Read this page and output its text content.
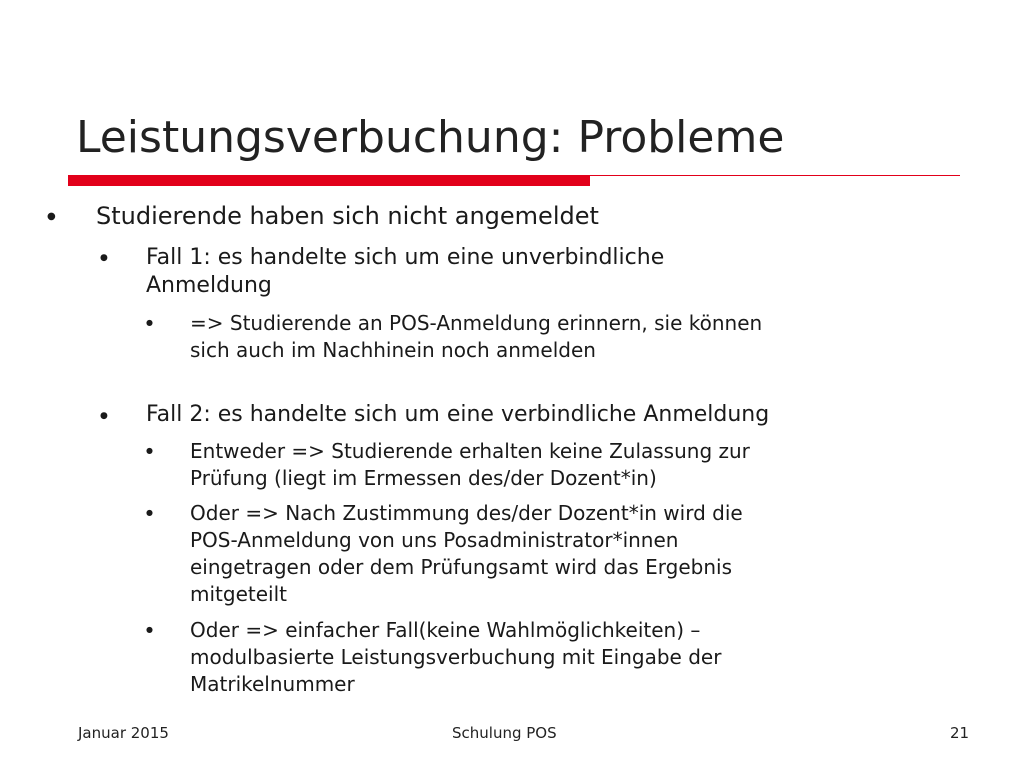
Leistungsverbuchung: Probleme
● Studierende haben sich nicht angemeldet
● Fall 1: es handelte sich um eine unverbindliche
Anmeldung
● => Studierende an POS-Anmeldung erinnern, sie können
sich auch im Nachhinein noch anmelden
● Fall 2: es handelte sich um eine verbindliche Anmeldung
● Entweder => Studierende erhalten keine Zulassung zur
Prüfung (liegt im Ermessen des/der Dozent*in)
● Oder => Nach Zustimmung des/der Dozent*in wird die
POS-Anmeldung von uns Posadministrator*innen
eingetragen oder dem Prüfungsamt wird das Ergebnis
mitgeteilt
● Oder => einfacher Fall(keine Wahlmöglichkeiten) –
modulbasierte Leistungsverbuchung mit Eingabe der
Matrikelnummer
Januar 2015	Schulung POS	21
